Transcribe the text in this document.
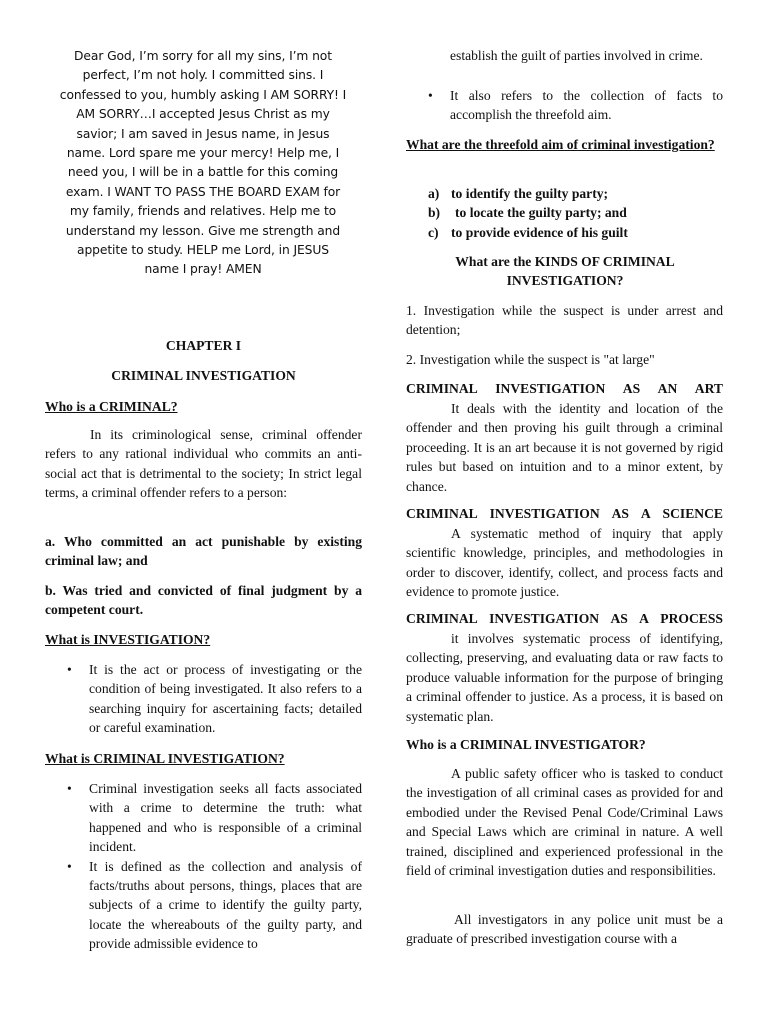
Dear God, I’m sorry for all my sins, I’m not perfect, I’m not holy. I committed sins. I confessed to you, humbly asking I AM SORRY! I AM SORRY…I accepted Jesus Christ as my savior; I am saved in Jesus name, in Jesus name. Lord spare me your mercy! Help me, I need you, I will be in a battle for this coming exam. I WANT TO PASS THE BOARD EXAM for my family, friends and relatives. Help me to understand my lesson. Give me strength and appetite to study. HELP me Lord, in JESUS name I pray! AMEN

CHAPTER I

CRIMINAL INVESTIGATION

Who is a CRIMINAL?

In its criminological sense, criminal offender refers to any rational individual who commits an anti-social act that is detrimental to the society; In strict legal terms, a criminal offender refers to a person:

a. Who committed an act punishable by existing criminal law; and

b. Was tried and convicted of final judgment by a competent court.

What is INVESTIGATION?

• It is the act or process of investigating or the condition of being investigated. It also refers to a searching inquiry for ascertaining facts; detailed or careful examination.

What is CRIMINAL INVESTIGATION?

• Criminal investigation seeks all facts associated with a crime to determine the truth: what happened and who is responsible of a criminal incident.
• It is defined as the collection and analysis of facts/truths about persons, things, places that are subjects of a crime to identify the guilty party, locate the whereabouts of the guilty party, and provide admissible evidence to

establish the guilt of parties involved in crime.

• It also refers to the collection of facts to accomplish the threefold aim.

What are the threefold aim of criminal investigation?

a) to identify the guilty party;
b) to locate the guilty party; and
c) to provide evidence of his guilt

What are the KINDS OF CRIMINAL INVESTIGATION?

1. Investigation while the suspect is under arrest and detention;

2. Investigation while the suspect is "at large"

CRIMINAL INVESTIGATION AS AN ART

It deals with the identity and location of the offender and then proving his guilt through a criminal proceeding. It is an art because it is not governed by rigid rules but based on intuition and to a minor extent, by chance.

CRIMINAL INVESTIGATION AS A SCIENCE

A systematic method of inquiry that apply scientific knowledge, principles, and methodologies in order to discover, identify, collect, and process facts and evidence to promote justice.

CRIMINAL INVESTIGATION AS A PROCESS

it involves systematic process of identifying, collecting, preserving, and evaluating data or raw facts to produce valuable information for the purpose of bringing a criminal offender to justice. As a process, it is based on systematic plan.

Who is a CRIMINAL INVESTIGATOR?

A public safety officer who is tasked to conduct the investigation of all criminal cases as provided for and embodied under the Revised Penal Code/Criminal Laws and Special Laws which are criminal in nature. A well trained, disciplined and experienced professional in the field of criminal investigation duties and responsibilities.

All investigators in any police unit must be a graduate of prescribed investigation course with a
